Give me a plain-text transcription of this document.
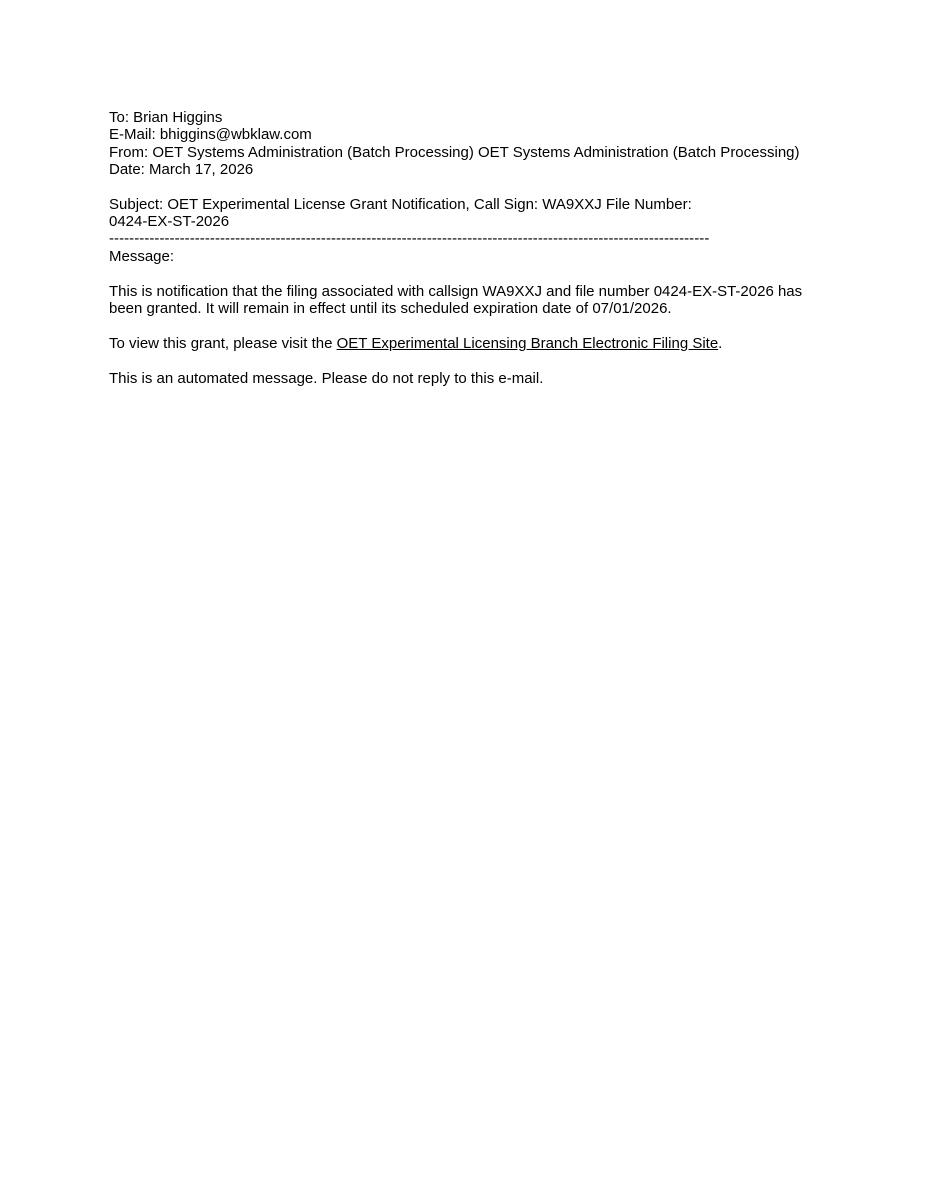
To: Brian Higgins
E-Mail: bhiggins@wbklaw.com
From: OET Systems Administration (Batch Processing) OET Systems Administration (Batch Processing)
Date: March 17, 2026
Subject: OET Experimental License Grant Notification, Call Sign: WA9XXJ File Number:
0424-EX-ST-2026
-----------------------------------------------------------------------------------------------------------------------
Message:
This is notification that the filing associated with callsign WA9XXJ and file number 0424-EX-ST-2026 has
been granted. It will remain in effect until its scheduled expiration date of 07/01/2026.
To view this grant, please visit the OET Experimental Licensing Branch Electronic Filing Site.
This is an automated message. Please do not reply to this e-mail.
